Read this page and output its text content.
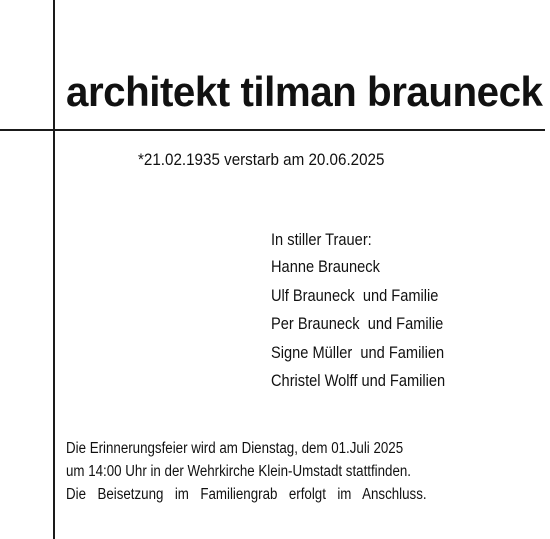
architekt tilman brauneck
*21.02.1935 verstarb am 20.06.2025
In stiller Trauer:
Hanne Brauneck
Ulf Brauneck  und Familie
Per Brauneck  und Familie
Signe Müller  und Familien
Christel Wolff und Familien
Die Erinnerungsfeier wird am Dienstag, dem 01.Juli 2025
um 14:00 Uhr in der Wehrkirche Klein-Umstadt stattfinden.
Die Beisetzung im Familiengrab erfolgt im Anschluss.
